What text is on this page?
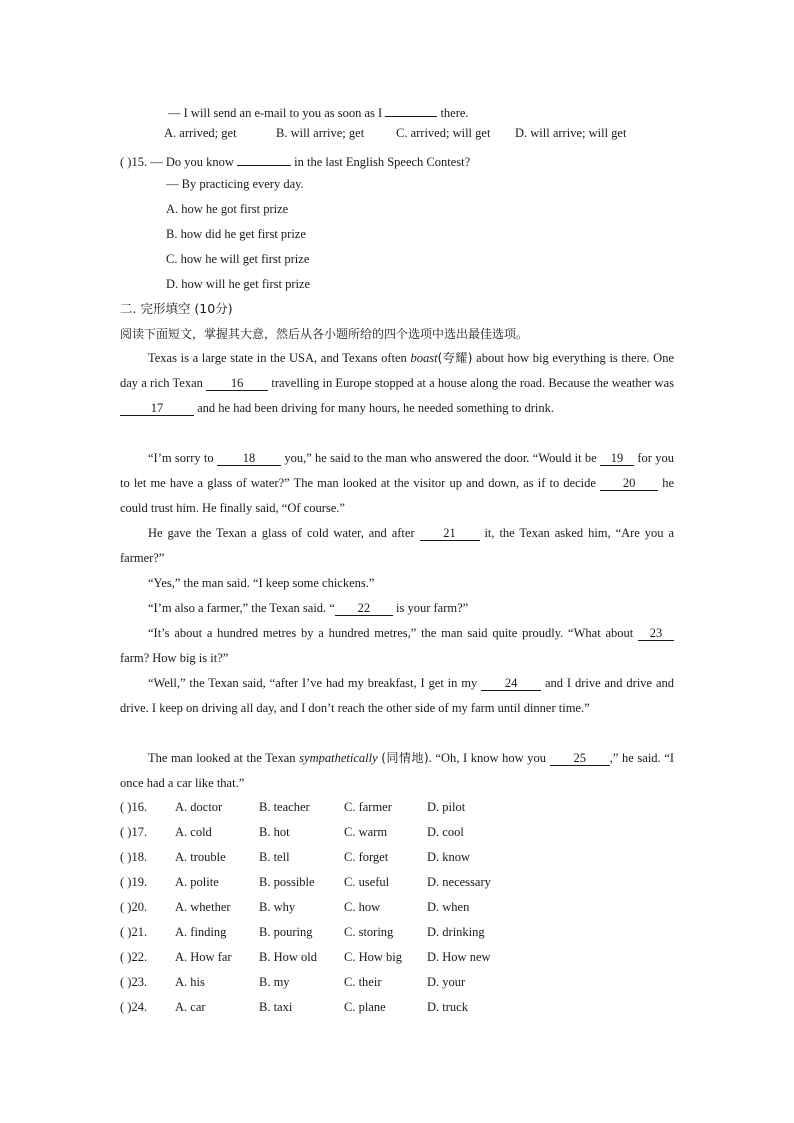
— I will send an e-mail to you as soon as I	there.
A. arrived; get	B. will arrive; get	C. arrived; will get D. will arrive; will get
( )15. — Do you know	in the last English Speech Contest?
— By practicing every day.
A. how he got first prize
B. how did he get first prize
C. how he will get first prize
D. how will he get first prize
二. 完形填空 (10分)
阅读下面短文，掌握其大意，然后从各小题所给的四个选项中选出最佳选项。
Texas is a large state in the USA, and Texans often boast(夸耀) about how big everything is there. One day a rich Texan 16 travelling in Europe stopped at a house along the road. Because the weather was 17	and he had been driving for many hours, he needed something to drink.
“I’m sorry to 18 you,” he said to the man who answered the door. “Would it be 19 for you to let me have a glass of water?” The man looked at the visitor up and down, as if to decide 20 he could trust him. He finally said, “Of course.”
He gave the Texan a glass of cold water, and after 21 it, the Texan asked him, “Are you a farmer?”
“Yes,” the man said. “I keep some chickens.”
“I’m also a farmer,” the Texan said. “ 22 is your farm?”
“It’s about a hundred metres by a hundred metres,” the man said quite proudly. “What about 23 farm? How big is it?”
“Well,” the Texan said, “after I’ve had my breakfast, I get in my 24 and I drive and drive and drive. I keep on driving all day, and I don’t reach the other side of my farm until dinner time.”
The man looked at the Texan sympathetically (同情地). “Oh, I know how you 25 ,” he said. “I once had a car like that.”
( )16. A. doctor	B. teacher	C. farmer	D. pilot
( )17. A. cold	B. hot	C. warm	D. cool
( )18. A. trouble	B. tell	C. forget	D. know
( )19. A. polite	B. possible C. useful	D. necessary
( )20. A. whether B. why	C. how	D. when
( )21. A. finding	B. pouring	C. storing	D. drinking
( )22. A. How far B. How old C. How big D. How new
( )23. A. his	B. my	C. their	D. your
( )24. A. car	B. taxi	C. plane	D. truck
